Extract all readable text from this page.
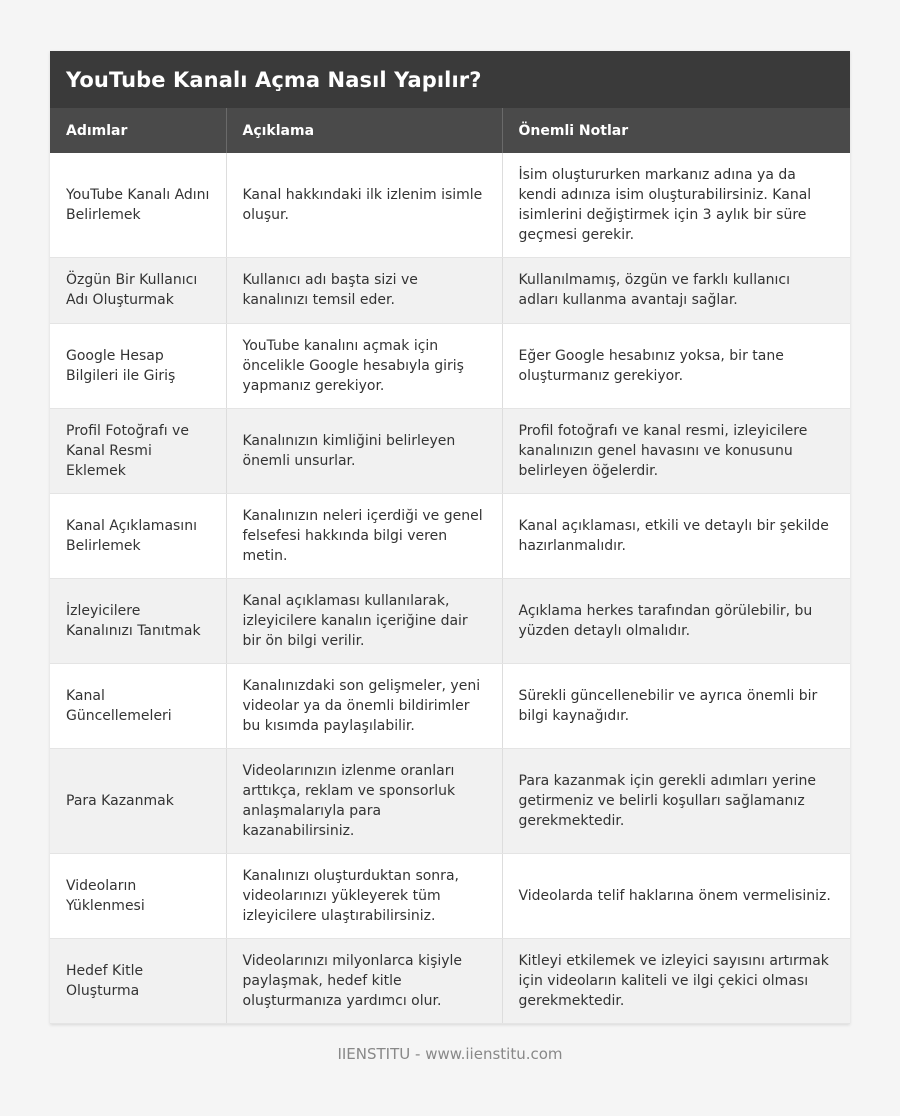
YouTube Kanalı Açma Nasıl Yapılır?
Adımlar	Açıklama	Önemli Notlar
YouTube Kanalı Adını Belirlemek	Kanal hakkındaki ilk izlenim isimle oluşur.	İsim oluştururken markanız adına ya da kendi adınıza isim oluşturabilirsiniz. Kanal isimlerini değiştirmek için 3 aylık bir süre geçmesi gerekir.
Özgün Bir Kullanıcı Adı Oluşturmak	Kullanıcı adı başta sizi ve kanalınızı temsil eder.	Kullanılmamış, özgün ve farklı kullanıcı adları kullanma avantajı sağlar.
Google Hesap Bilgileri ile Giriş	YouTube kanalını açmak için öncelikle Google hesabıyla giriş yapmanız gerekiyor.	Eğer Google hesabınız yoksa, bir tane oluşturmanız gerekiyor.
Profil Fotoğrafı ve Kanal Resmi Eklemek	Kanalınızın kimliğini belirleyen önemli unsurlar.	Profil fotoğrafı ve kanal resmi, izleyicilere kanalınızın genel havasını ve konusunu belirleyen öğelerdir.
Kanal Açıklamasını Belirlemek	Kanalınızın neleri içerdiği ve genel felsefesi hakkında bilgi veren metin.	Kanal açıklaması, etkili ve detaylı bir şekilde hazırlanmalıdır.
İzleyicilere Kanalınızı Tanıtmak	Kanal açıklaması kullanılarak, izleyicilere kanalın içeriğine dair bir ön bilgi verilir.	Açıklama herkes tarafından görülebilir, bu yüzden detaylı olmalıdır.
Kanal Güncellemeleri	Kanalınızdaki son gelişmeler, yeni videolar ya da önemli bildirimler bu kısımda paylaşılabilir.	Sürekli güncellenebilir ve ayrıca önemli bir bilgi kaynağıdır.
Para Kazanmak	Videolarınızın izlenme oranları arttıkça, reklam ve sponsorluk anlaşmalarıyla para kazanabilirsiniz.	Para kazanmak için gerekli adımları yerine getirmeniz ve belirli koşulları sağlamanız gerekmektedir.
Videoların Yüklenmesi	Kanalınızı oluşturduktan sonra, videolarınızı yükleyerek tüm izleyicilere ulaştırabilirsiniz.	Videolarda telif haklarına önem vermelisiniz.
Hedef Kitle Oluşturma	Videolarınızı milyonlarca kişiyle paylaşmak, hedef kitle oluşturmanıza yardımcı olur.	Kitleyi etkilemek ve izleyici sayısını artırmak için videoların kaliteli ve ilgi çekici olması gerekmektedir.
IIENSTITU - www.iienstitu.com
